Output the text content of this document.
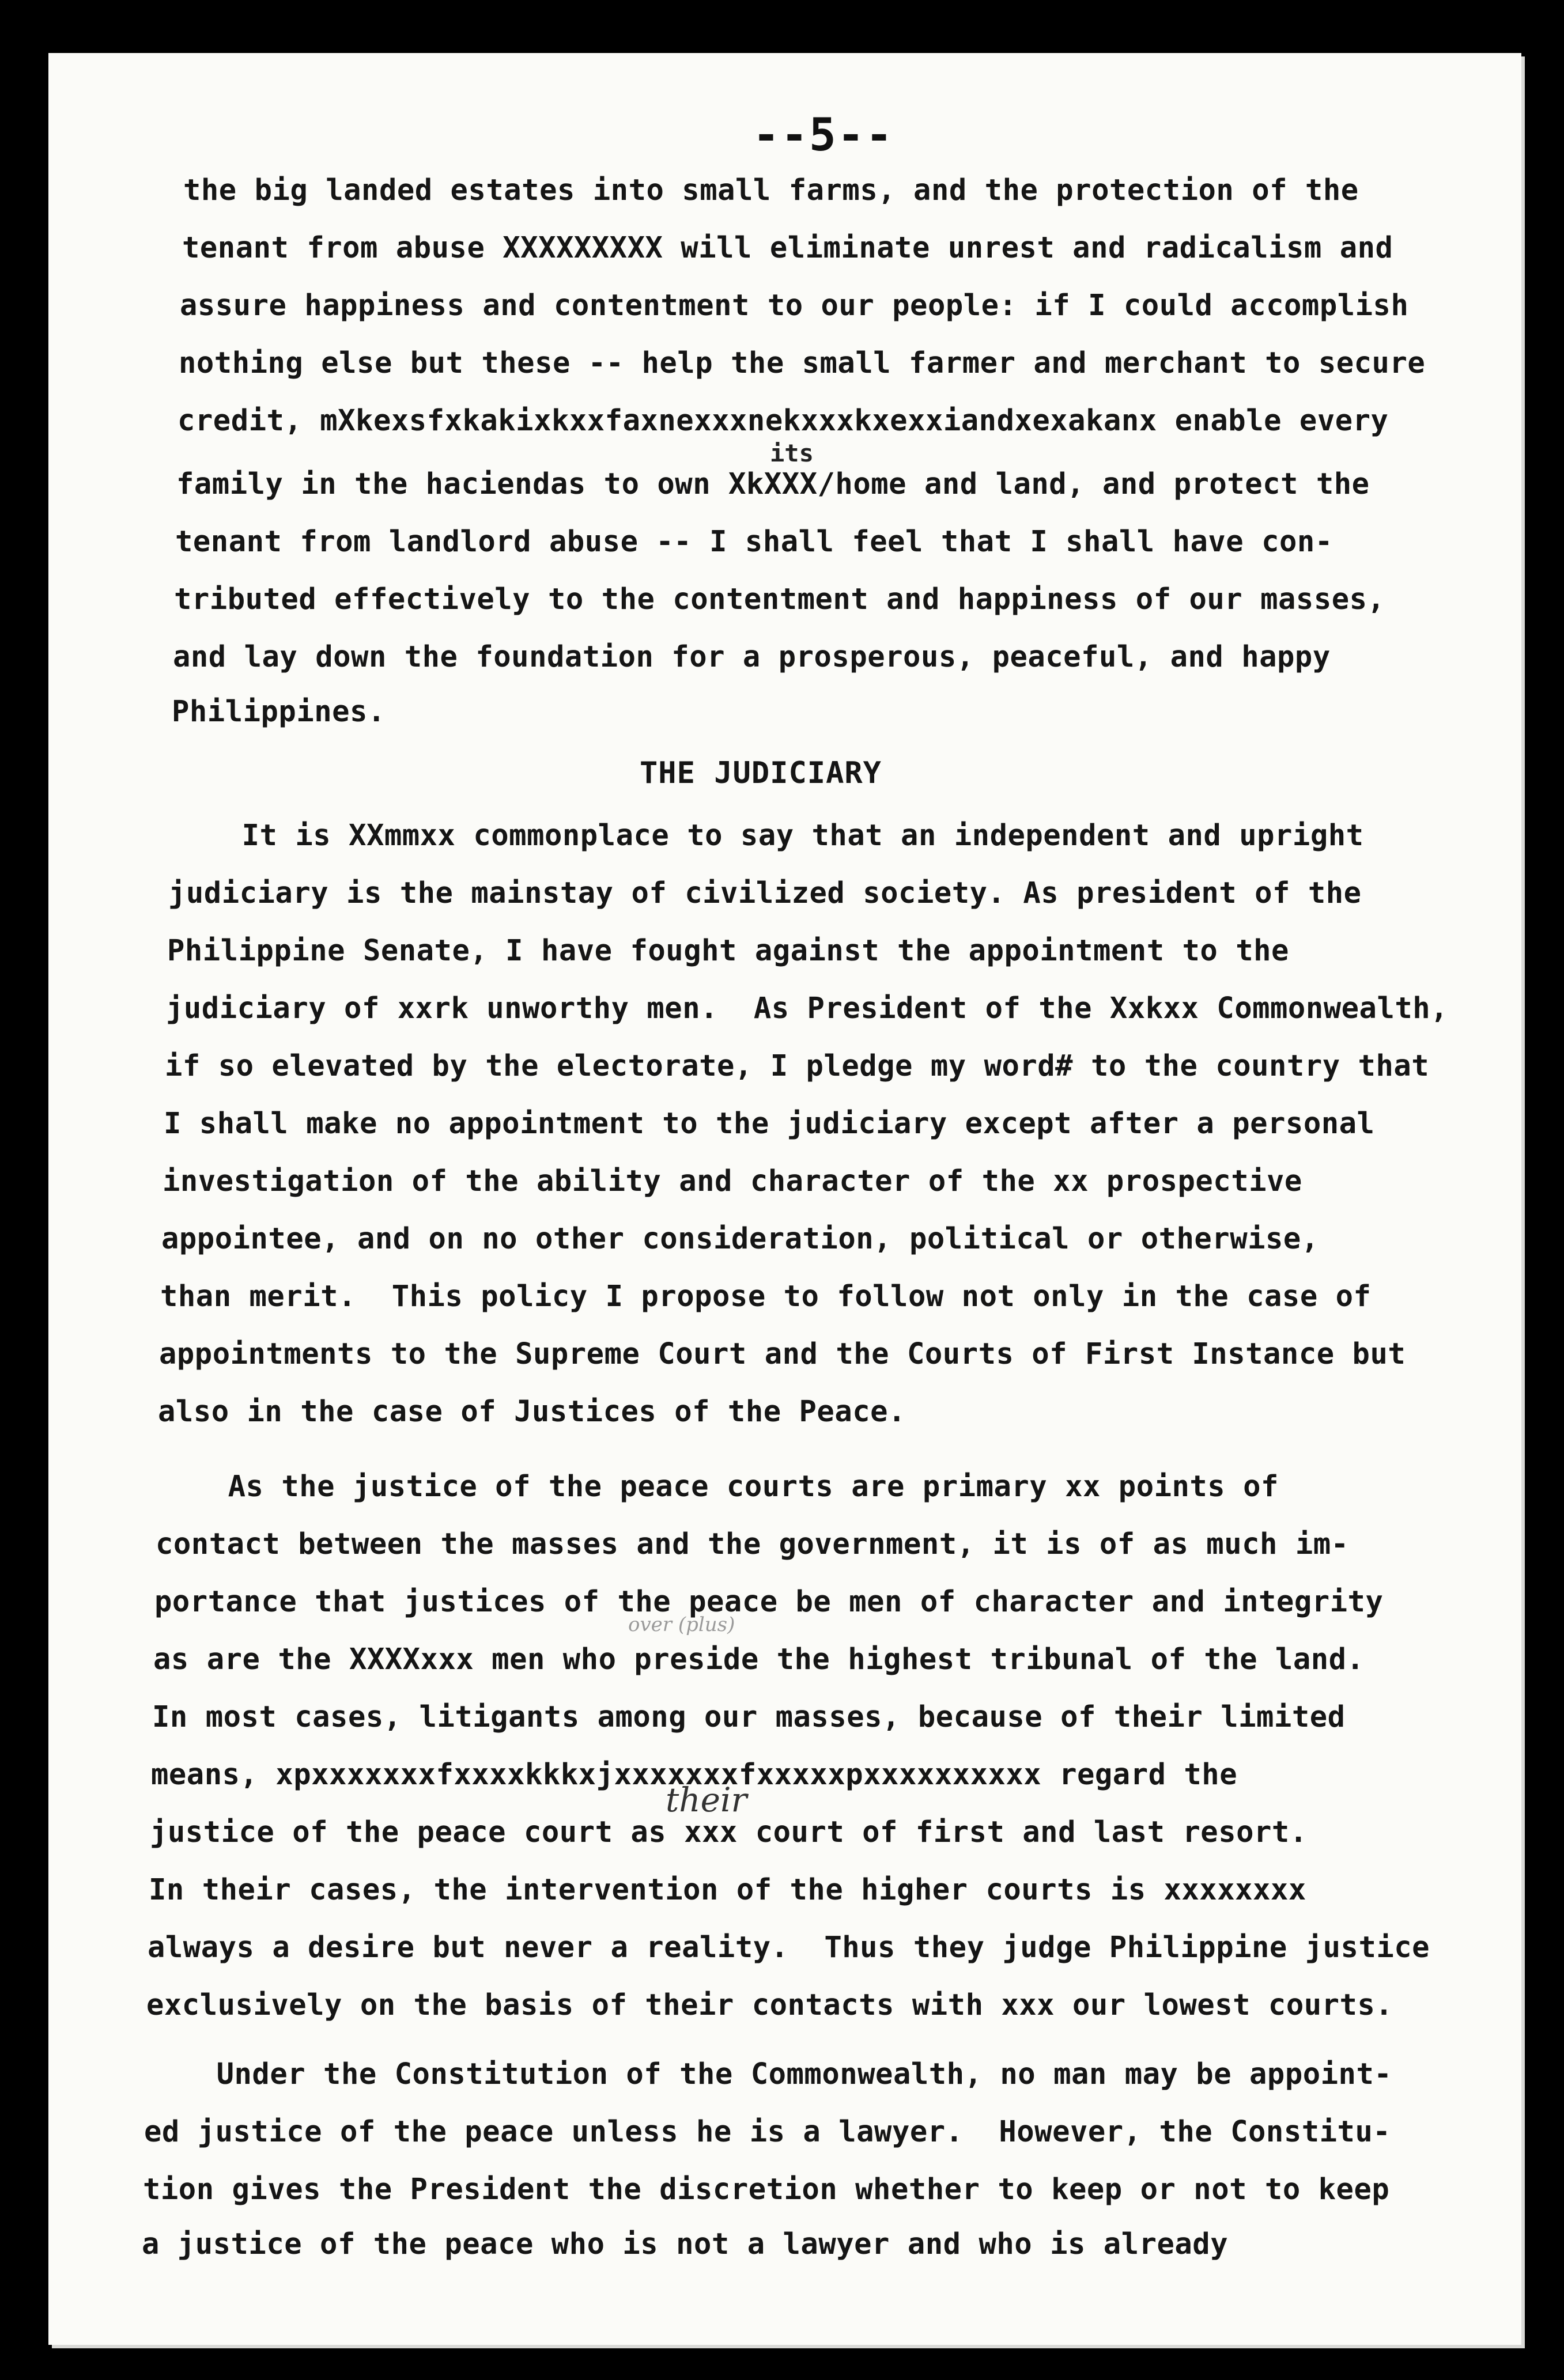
--5--
the big landed estates into small farms, and the protection of the
tenant from abuse XXXXXXXXX will eliminate unrest and radicalism and
assure happiness and contentment to our people: if I could accomplish
nothing else but these -- help the small farmer and merchant to secure
credit, mXkexsfxkakixkxxfaxnexxxnekxxxkxexxiandxexakanx enable every
its
family in the haciendas to own XkXXX/home and land, and protect the
tenant from landlord abuse -- I shall feel that I shall have con-
tributed effectively to the contentment and happiness of our masses,
and lay down the foundation for a prosperous, peaceful, and happy
Philippines.
THE JUDICIARY
It is XXmmxx commonplace to say that an independent and upright
judiciary is the mainstay of civilized society. As president of the
Philippine Senate, I have fought against the appointment to the
judiciary of xxrk unworthy men.  As President of the Xxkxx Commonwealth,
if so elevated by the electorate, I pledge my word# to the country that
I shall make no appointment to the judiciary except after a personal
investigation of the ability and character of the xx prospective
appointee, and on no other consideration, political or otherwise,
than merit.  This policy I propose to follow not only in the case of
appointments to the Supreme Court and the Courts of First Instance but
also in the case of Justices of the Peace.
As the justice of the peace courts are primary xx points of
contact between the masses and the government, it is of as much im-
portance that justices of the peace be men of character and integrity
over (plus)
as are the XXXXxxx men who preside the highest tribunal of the land.
In most cases, litigants among our masses, because of their limited
means, xpxxxxxxxfxxxxkkkxjxxxxxxxfxxxxxpxxxxxxxxxx regard the
their
justice of the peace court as xxx court of first and last resort.
In their cases, the intervention of the higher courts is xxxxxxxx
always a desire but never a reality.  Thus they judge Philippine justice
exclusively on the basis of their contacts with xxx our lowest courts.
Under the Constitution of the Commonwealth, no man may be appoint-
ed justice of the peace unless he is a lawyer.  However, the Constitu-
tion gives the President the discretion whether to keep or not to keep
a justice of the peace who is not a lawyer and who is already
